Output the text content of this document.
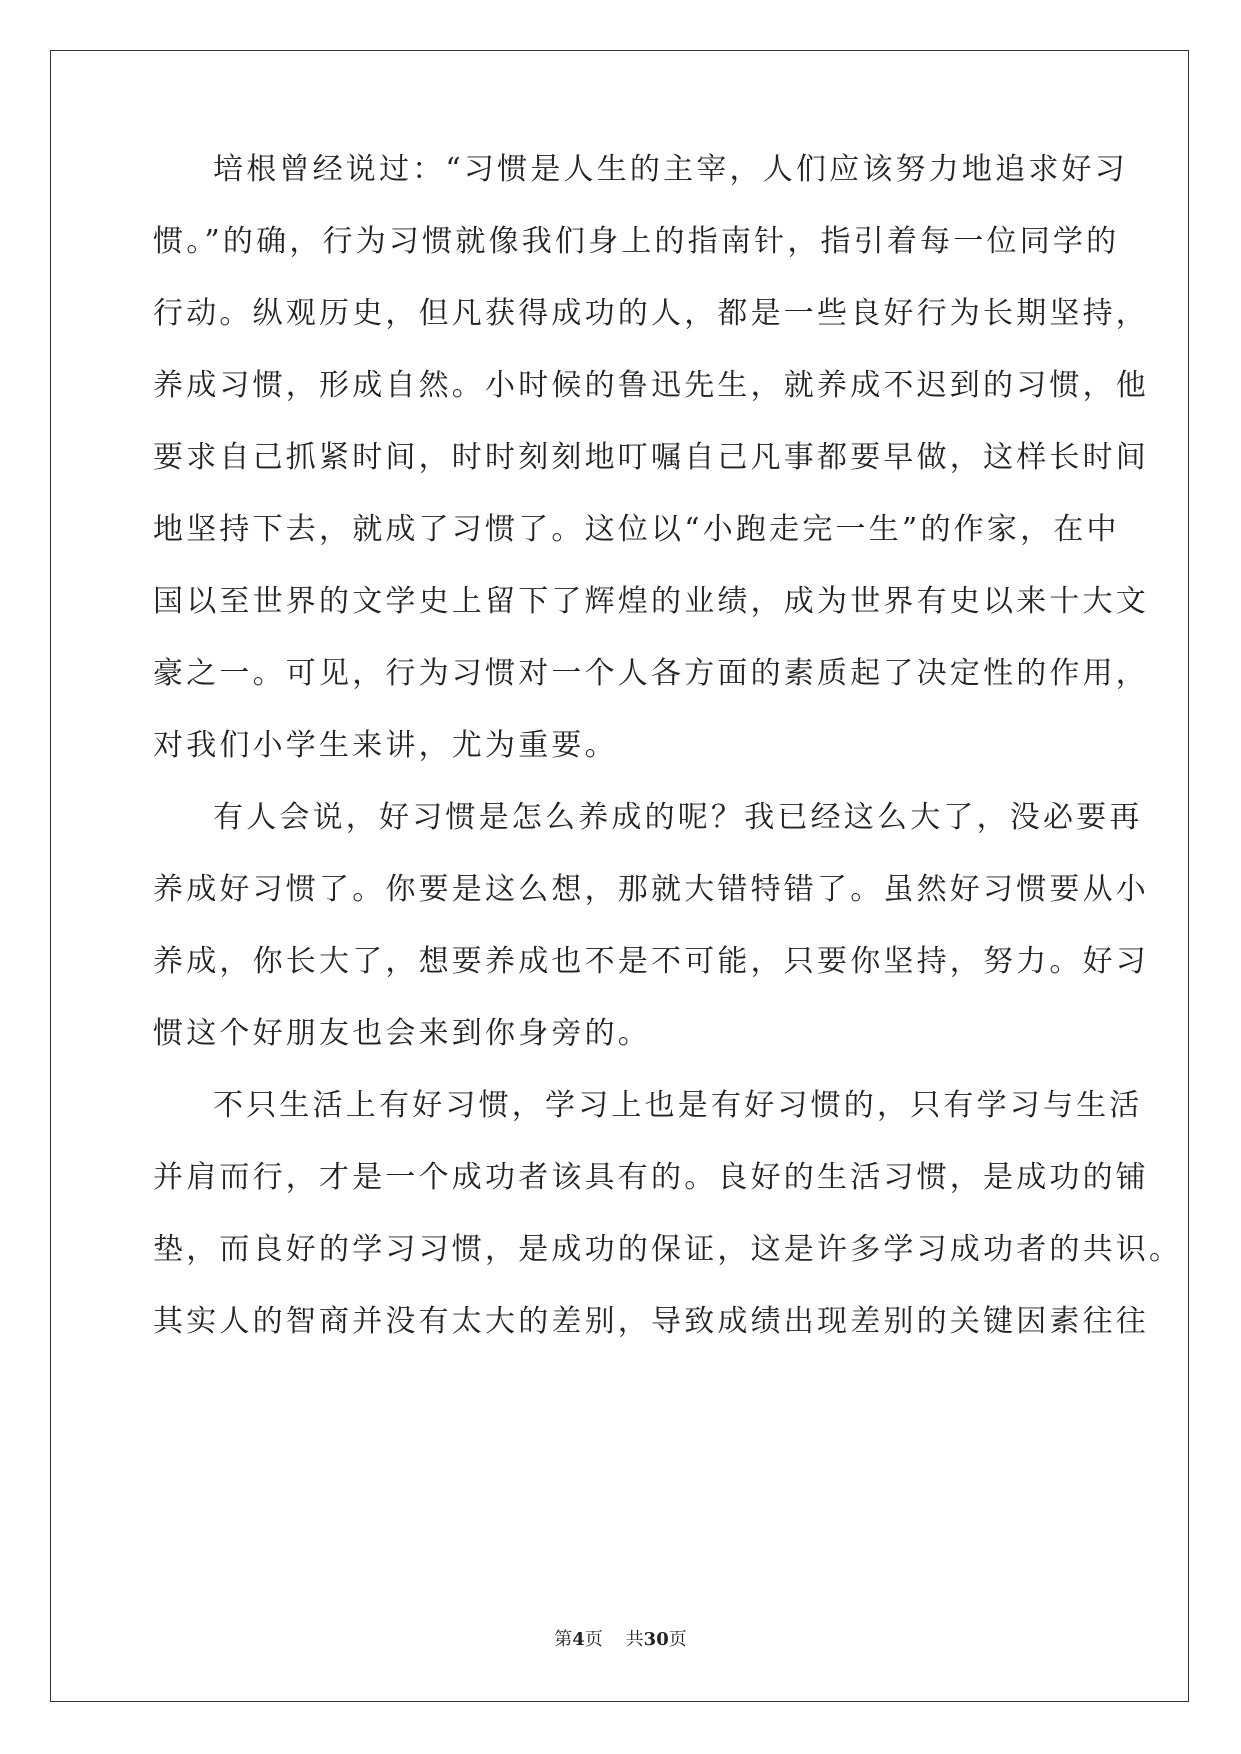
培根曾经说过：“习惯是人生的主宰，人们应该努力地追求好习
惯。”的确，行为习惯就像我们身上的指南针，指引着每一位同学的
行动。纵观历史，但凡获得成功的人，都是一些良好行为长期坚持，
养成习惯，形成自然。小时候的鲁迅先生，就养成不迟到的习惯，他
要求自己抓紧时间，时时刻刻地叮嘱自己凡事都要早做，这样长时间
地坚持下去，就成了习惯了。这位以“小跑走完一生”的作家，在中
国以至世界的文学史上留下了辉煌的业绩，成为世界有史以来十大文
豪之一。可见，行为习惯对一个人各方面的素质起了决定性的作用，
对我们小学生来讲，尤为重要。
有人会说，好习惯是怎么养成的呢？我已经这么大了，没必要再
养成好习惯了。你要是这么想，那就大错特错了。虽然好习惯要从小
养成，你长大了，想要养成也不是不可能，只要你坚持，努力。好习
惯这个好朋友也会来到你身旁的。
不只生活上有好习惯，学习上也是有好习惯的，只有学习与生活
并肩而行，才是一个成功者该具有的。良好的生活习惯，是成功的铺
垫，而良好的学习习惯，是成功的保证，这是许多学习成功者的共识。
其实人的智商并没有太大的差别，导致成绩出现差别的关键因素往往
第4页 共30页
